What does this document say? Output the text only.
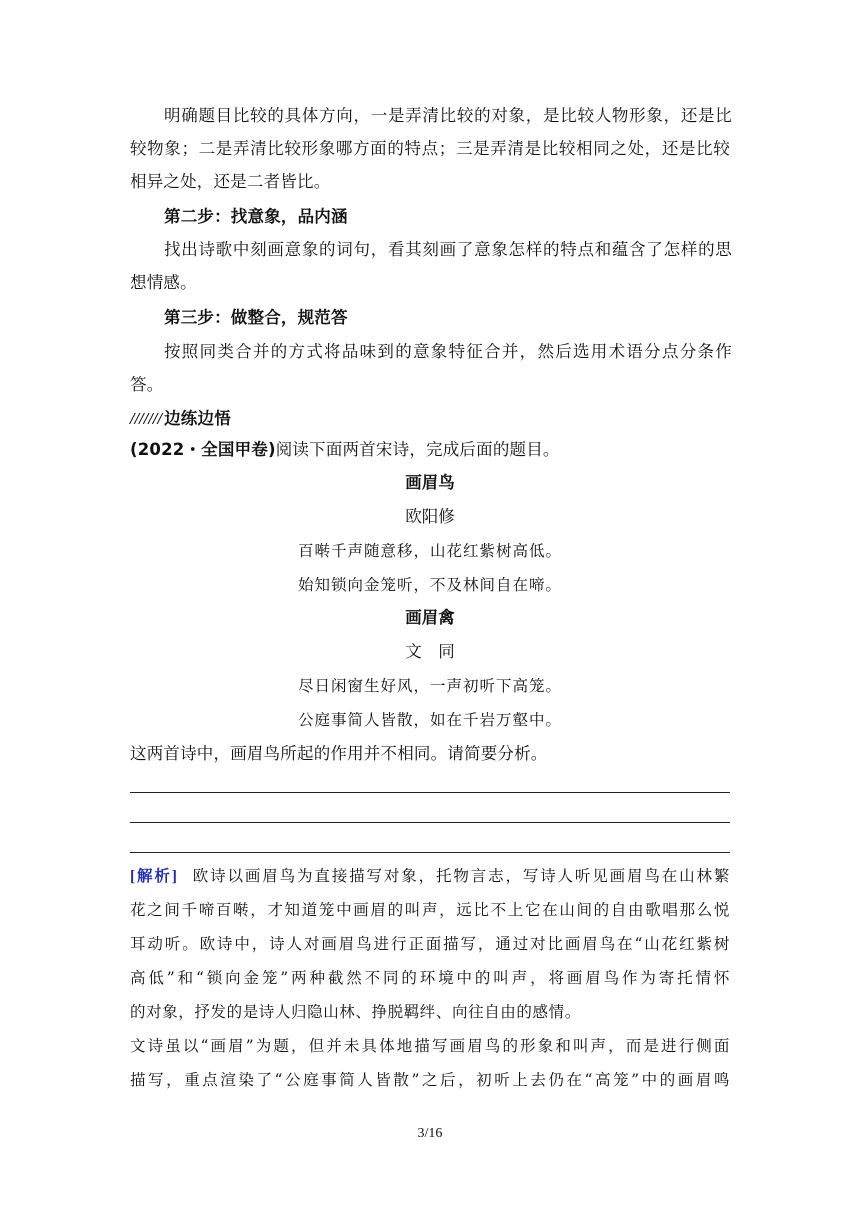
明确题目比较的具体方向，一是弄清比较的对象，是比较人物形象，还是比
较物象；二是弄清比较形象哪方面的特点；三是弄清是比较相同之处，还是比较
相异之处，还是二者皆比。
第二步：找意象，品内涵
找出诗歌中刻画意象的词句，看其刻画了意象怎样的特点和蕴含了怎样的思
想情感。
第三步：做整合，规范答
按照同类合并的方式将品味到的意象特征合并，然后选用术语分点分条作
答。
/////// 边练边悟
(2022・全国甲卷)阅读下面两首宋诗，完成后面的题目。
画眉鸟
欧阳修
百啭千声随意移，山花红紫树高低。
始知锁向金笼听，不及林间自在啼。
画眉禽
文　同
尽日闲窗生好风，一声初听下高笼。
公庭事简人皆散，如在千岩万壑中。
这两首诗中，画眉鸟所起的作用并不相同。请简要分析。
[解析] 欧诗以画眉鸟为直接描写对象，托物言志，写诗人听见画眉鸟在山林繁
花之间千啼百啭，才知道笼中画眉的叫声，远比不上它在山间的自由歌唱那么悦
耳动听。欧诗中，诗人对画眉鸟进行正面描写，通过对比画眉鸟在“山花红紫树
高低”和“锁向金笼”两种截然不同的环境中的叫声，将画眉鸟作为寄托情怀
的对象，抒发的是诗人归隐山林、挣脱羁绊、向往自由的感情。
文诗虽以“画眉”为题，但并未具体地描写画眉鸟的形象和叫声，而是进行侧面
描写，重点渲染了“公庭事简人皆散”之后，初听上去仍在“高笼”中的画眉鸣
3/16
